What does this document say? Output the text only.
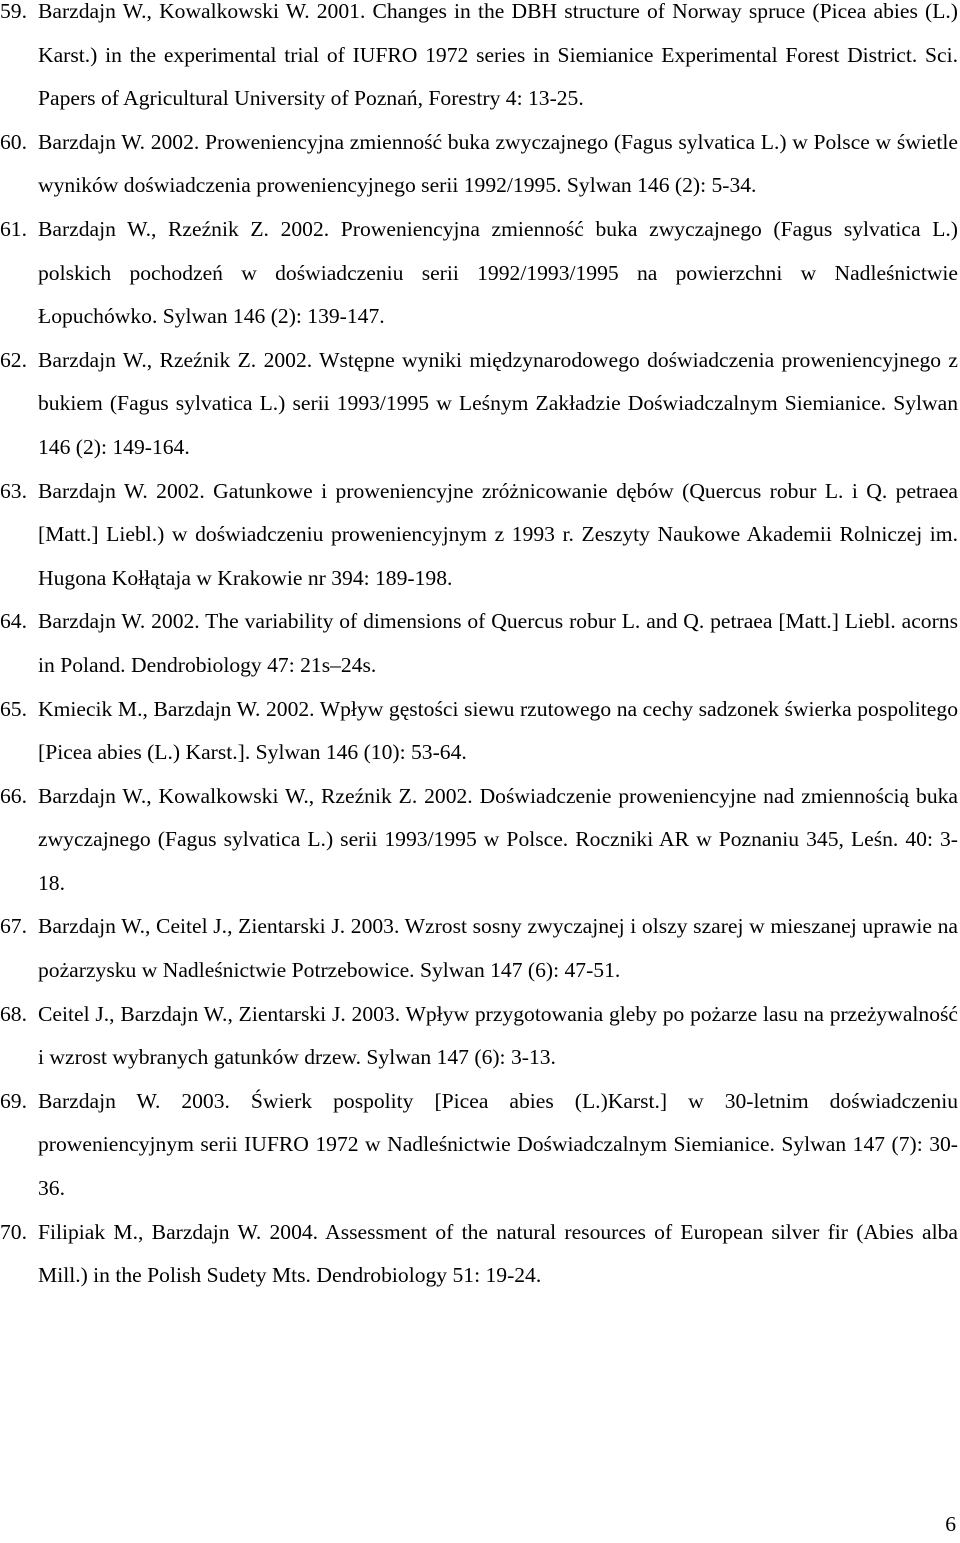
59. Barzdajn W., Kowalkowski W. 2001. Changes in the DBH structure of Norway spruce (Picea abies (L.) Karst.) in the experimental trial of IUFRO 1972 series in Siemianice Experimental Forest District. Sci. Papers of Agricultural University of Poznań, Forestry 4: 13-25.
60. Barzdajn W. 2002. Proweniencyjna zmienność buka zwyczajnego (Fagus sylvatica L.) w Polsce w świetle wyników doświadczenia proweniencyjnego serii 1992/1995. Sylwan 146 (2): 5-34.
61. Barzdajn W., Rzeźnik Z. 2002. Proweniencyjna zmienność buka zwyczajnego (Fagus sylvatica L.) polskich pochodzeń w doświadczeniu serii 1992/1993/1995 na powierzchni w Nadleśnictwie Łopuchówko. Sylwan 146 (2): 139-147.
62. Barzdajn W., Rzeźnik Z. 2002. Wstępne wyniki międzynarodowego doświadczenia proweniencyjnego z bukiem (Fagus sylvatica L.) serii 1993/1995 w Leśnym Zakładzie Doświadczalnym Siemianice. Sylwan 146 (2): 149-164.
63. Barzdajn W. 2002. Gatunkowe i proweniencyjne zróżnicowanie dębów (Quercus robur L. i Q. petraea [Matt.] Liebl.) w doświadczeniu proweniencyjnym z 1993 r. Zeszyty Naukowe Akademii Rolniczej im. Hugona Kołłątaja w Krakowie nr 394: 189-198.
64. Barzdajn W. 2002. The variability of dimensions of Quercus robur L. and Q. petraea [Matt.] Liebl. acorns in Poland. Dendrobiology 47: 21s–24s.
65. Kmiecik M., Barzdajn W. 2002. Wpływ gęstości siewu rzutowego na cechy sadzonek świerka pospolitego [Picea abies (L.) Karst.]. Sylwan 146 (10): 53-64.
66. Barzdajn W., Kowalkowski W., Rzeźnik Z. 2002. Doświadczenie proweniencyjne nad zmiennością buka zwyczajnego (Fagus sylvatica L.) serii 1993/1995 w Polsce. Roczniki AR w Poznaniu 345, Leśn. 40: 3-18.
67. Barzdajn W., Ceitel J., Zientarski J. 2003. Wzrost sosny zwyczajnej i olszy szarej w mieszanej uprawie na pożarzysku w Nadleśnictwie Potrzebowice. Sylwan 147 (6): 47-51.
68. Ceitel J., Barzdajn W., Zientarski J. 2003. Wpływ przygotowania gleby po pożarze lasu na przeżywalność i wzrost wybranych gatunków drzew. Sylwan 147 (6): 3-13.
69. Barzdajn W. 2003. Świerk pospolity [Picea abies (L.)Karst.] w 30-letnim doświadczeniu proweniencyjnym serii IUFRO 1972 w Nadleśnictwie Doświadczalnym Siemianice. Sylwan 147 (7): 30-36.
70. Filipiak M., Barzdajn W. 2004. Assessment of the natural resources of European silver fir (Abies alba Mill.) in the Polish Sudety Mts. Dendrobiology 51: 19-24.
6
